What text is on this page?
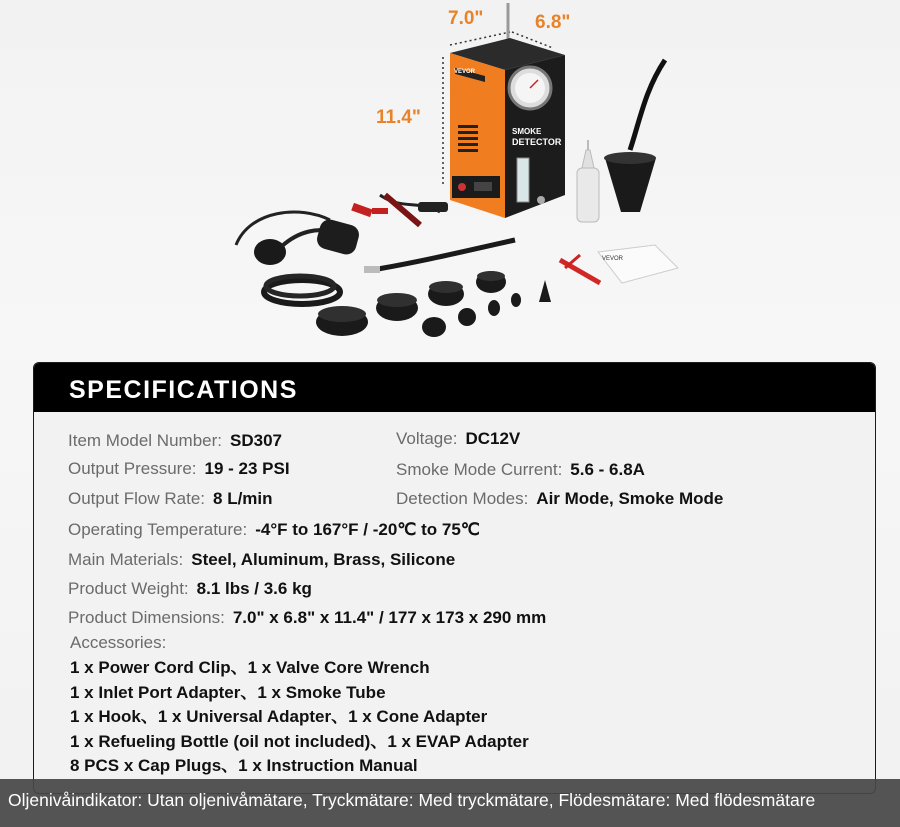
7.0"	6.8"
11.4"
SMOKE
DETECTOR
VEVOR
VEVOR
SPECIFICATIONS
Item Model Number: SD307	Voltage: DC12V
Output Pressure: 19 - 23 PSI	Smoke Mode Current: 5.6 - 6.8A
Output Flow Rate: 8 L/min	Detection Modes: Air Mode, Smoke Mode
Operating Temperature: -4°F to 167°F / -20℃ to 75℃
Main Materials: Steel, Aluminum, Brass, Silicone
Product Weight: 8.1 lbs / 3.6 kg
Product Dimensions: 7.0" x 6.8" x 11.4" / 177 x 173 x 290 mm
Accessories:
1 x Power Cord Clip、1 x Valve Core Wrench
1 x Inlet Port Adapter、1 x Smoke Tube
1 x Hook、1 x Universal Adapter、1 x Cone Adapter
1 x Refueling Bottle (oil not included)、1 x EVAP Adapter
8 PCS x Cap Plugs、1 x Instruction Manual
Oljenivåindikator: Utan oljenivåmätare, Tryckmätare: Med tryckmätare, Flödesmätare: Med flödesmätare
